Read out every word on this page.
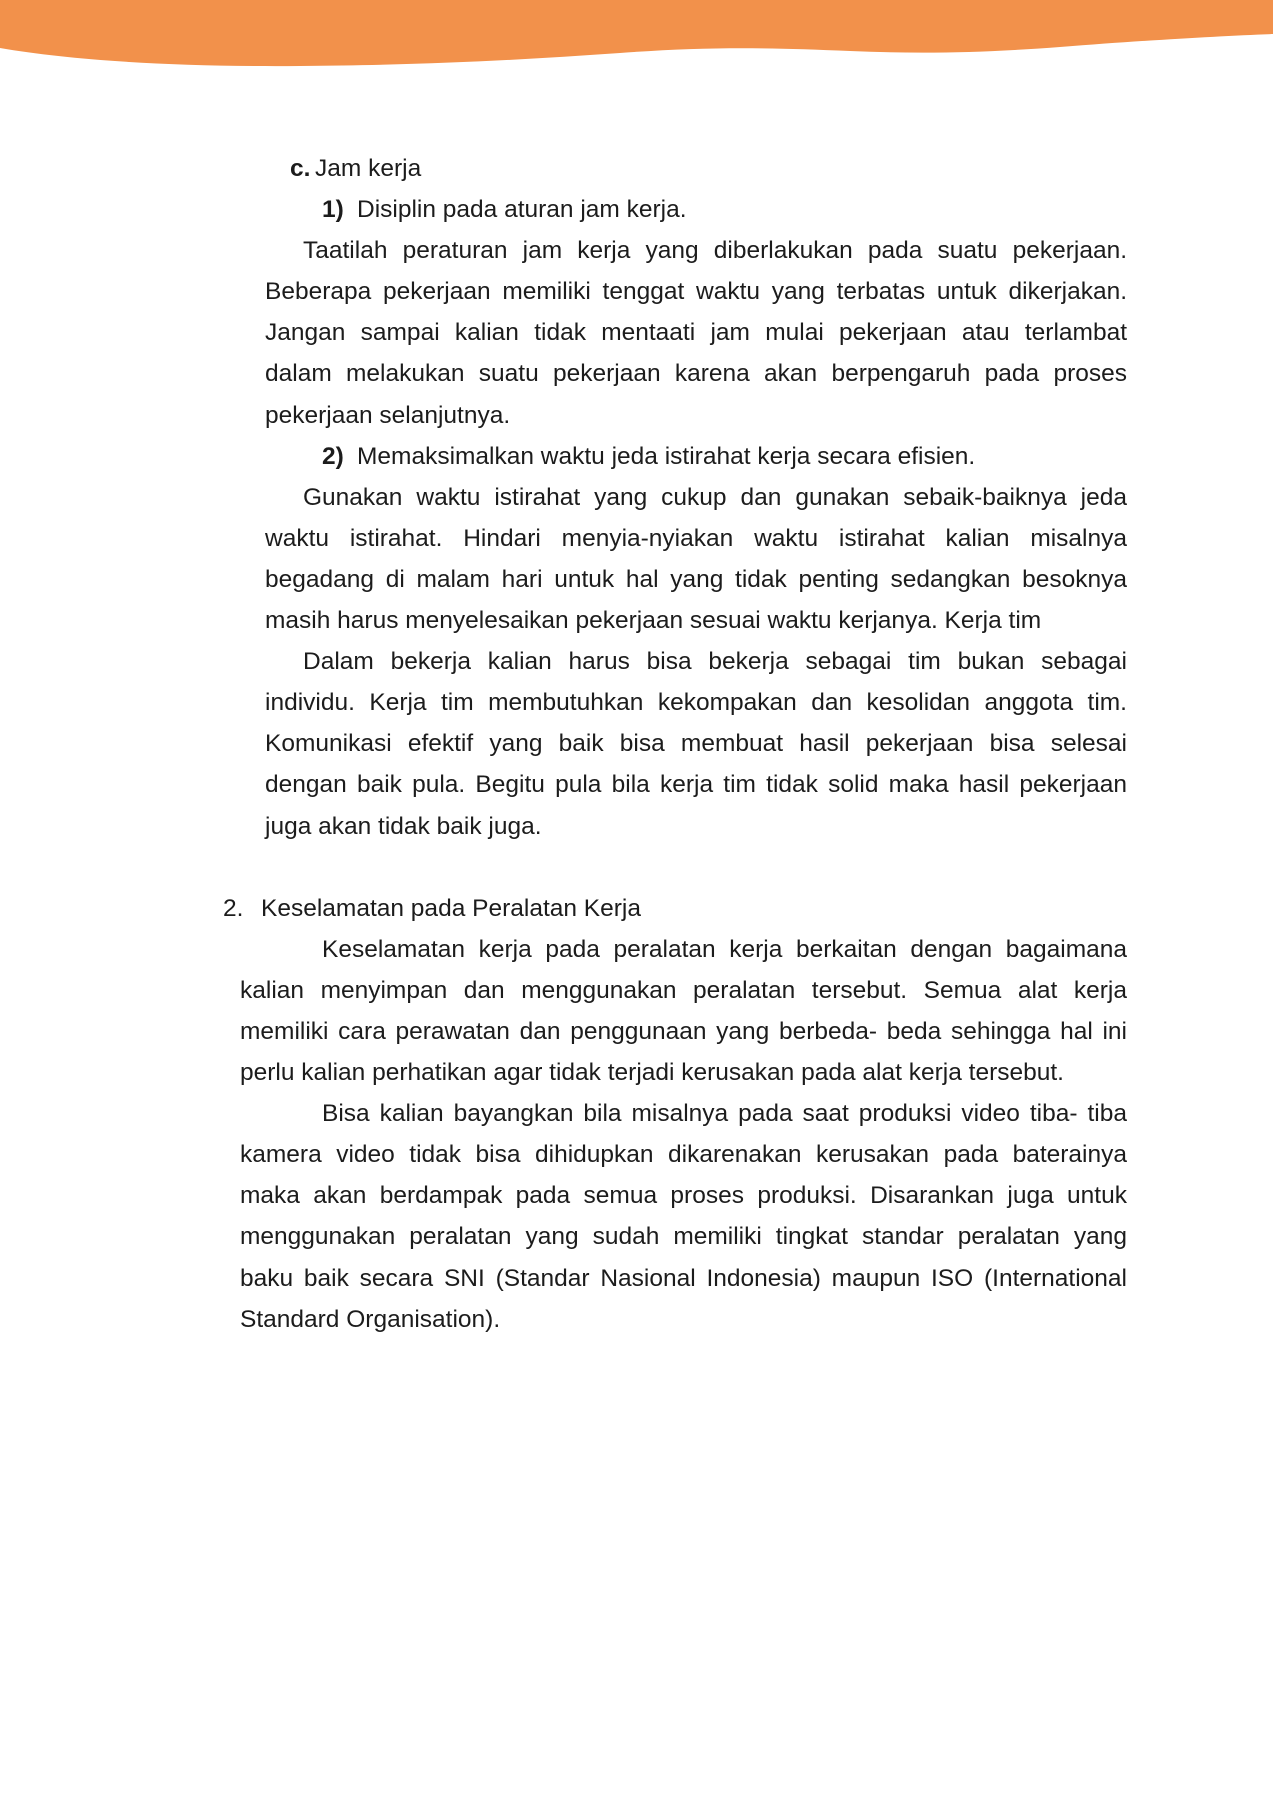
c. Jam kerja
1) Disiplin pada aturan jam kerja.
Taatilah peraturan jam kerja yang diberlakukan pada suatu pekerjaan.
Beberapa pekerjaan memiliki tenggat waktu yang terbatas untuk dikerjakan.
Jangan sampai kalian tidak mentaati jam mulai pekerjaan atau terlambat
dalam melakukan suatu pekerjaan karena akan berpengaruh pada proses
pekerjaan selanjutnya.
2) Memaksimalkan waktu jeda istirahat kerja secara efisien.
Gunakan waktu istirahat yang cukup dan gunakan sebaik-baiknya jeda
waktu istirahat. Hindari menyia-nyiakan waktu istirahat kalian misalnya
begadang di malam hari untuk hal yang tidak penting sedangkan besoknya
masih harus menyelesaikan pekerjaan sesuai waktu kerjanya. Kerja tim
Dalam bekerja kalian harus bisa bekerja sebagai tim bukan sebagai
individu. Kerja tim membutuhkan kekompakan dan kesolidan anggota tim.
Komunikasi efektif yang baik bisa membuat hasil pekerjaan bisa selesai
dengan baik pula. Begitu pula bila kerja tim tidak solid maka hasil pekerjaan
juga akan tidak baik juga.
2. Keselamatan pada Peralatan Kerja
Keselamatan kerja pada peralatan kerja berkaitan dengan bagaimana
kalian menyimpan dan menggunakan peralatan tersebut. Semua alat kerja
memiliki cara perawatan dan penggunaan yang berbeda- beda sehingga hal ini
perlu kalian perhatikan agar tidak terjadi kerusakan pada alat kerja tersebut.
Bisa kalian bayangkan bila misalnya pada saat produksi video tiba- tiba
kamera video tidak bisa dihidupkan dikarenakan kerusakan pada baterainya
maka akan berdampak pada semua proses produksi. Disarankan juga untuk
menggunakan peralatan yang sudah memiliki tingkat standar peralatan yang
baku baik secara SNI (Standar Nasional Indonesia) maupun ISO (International
Standard Organisation).
